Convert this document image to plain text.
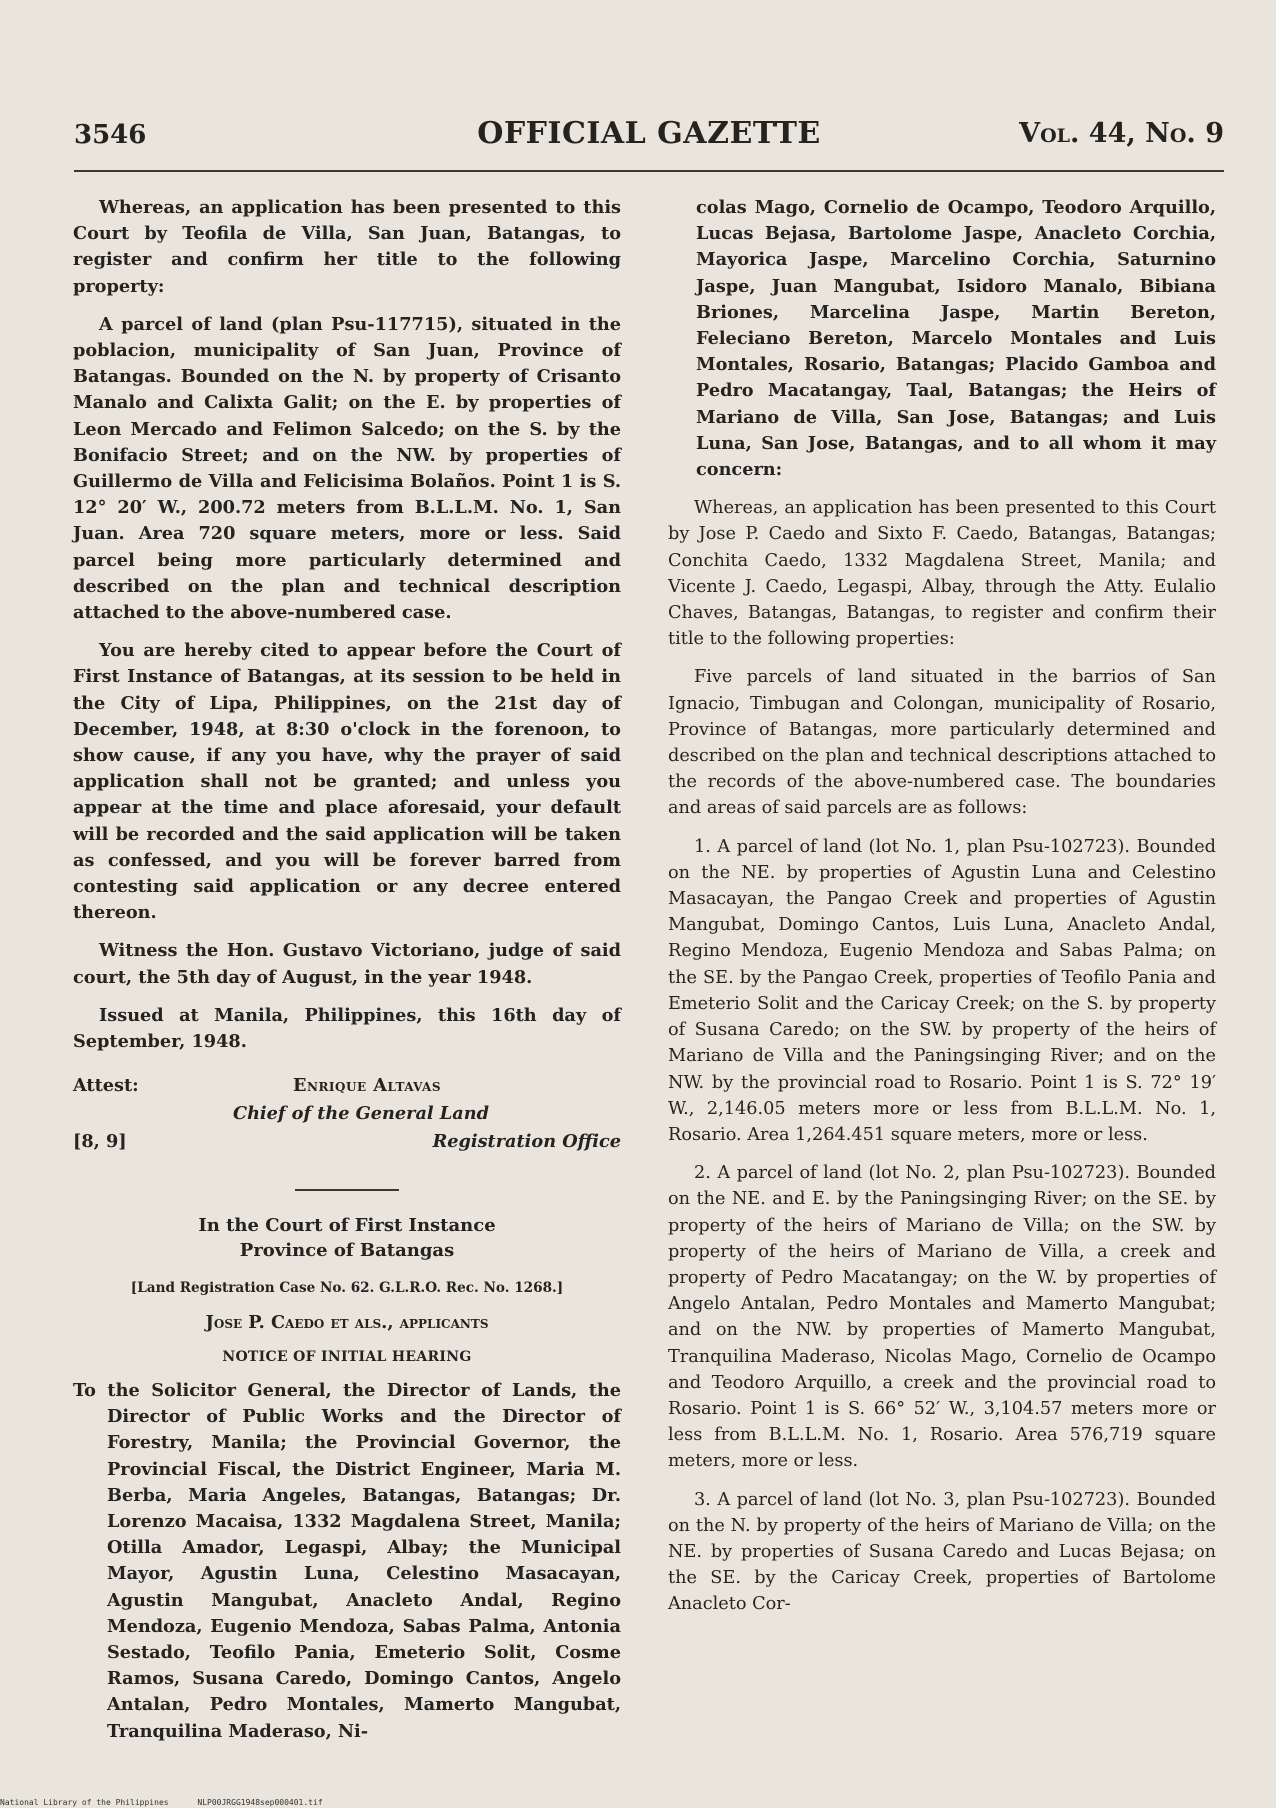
3546	OFFICIAL GAZETTE	Vol. 44, No. 9

Whereas, an application has been presented to this Court by Teofila de Villa, San Juan, Batangas, to register and confirm her title to the following property:

A parcel of land (plan Psu-117715), situated in the poblacion, municipality of San Juan, Province of Batangas. Bounded on the N. by property of Crisanto Manalo and Calixta Galit; on the E. by properties of Leon Mercado and Felimon Salcedo; on the S. by the Bonifacio Street; and on the NW. by properties of Guillermo de Villa and Felicisima Bolaños. Point 1 is S. 12° 20′ W., 200.72 meters from B.L.L.M. No. 1, San Juan. Area 720 square meters, more or less. Said parcel being more particularly determined and described on the plan and technical description attached to the above-numbered case.

You are hereby cited to appear before the Court of First Instance of Batangas, at its session to be held in the City of Lipa, Philippines, on the 21st day of December, 1948, at 8:30 o'clock in the forenoon, to show cause, if any you have, why the prayer of said application shall not be granted; and unless you appear at the time and place aforesaid, your default will be recorded and the said application will be taken as confessed, and you will be forever barred from contesting said application or any decree entered thereon.

Witness the Hon. Gustavo Victoriano, judge of said court, the 5th day of August, in the year 1948.

Issued at Manila, Philippines, this 16th day of September, 1948.

Attest:	Enrique Altavas
Chief of the General Land
[8, 9]	Registration Office
In the Court of First Instance
Province of Batangas
[Land Registration Case No. 62. G.L.R.O. Rec. No. 1268.]
Jose P. Caedo et als., applicants
NOTICE OF INITIAL HEARING

To the Solicitor General, the Director of Lands, the Director of Public Works and the Director of Forestry, Manila; the Provincial Governor, the Provincial Fiscal, the District Engineer, Maria M. Berba, Maria Angeles, Batangas, Batangas; Dr. Lorenzo Macaisa, 1332 Magdalena Street, Manila; Otilla Amador, Legaspi, Albay; the Municipal Mayor, Agustin Luna, Celestino Masacayan, Agustin Mangubat, Anacleto Andal, Regino Mendoza, Eugenio Mendoza, Sabas Palma, Antonia Sestado, Teofilo Pania, Emeterio Solit, Cosme Ramos, Susana Caredo, Domingo Cantos, Angelo Antalan, Pedro Montales, Mamerto Mangubat, Tranquilina Maderaso, Ni-

colas Mago, Cornelio de Ocampo, Teodoro Arquillo, Lucas Bejasa, Bartolome Jaspe, Anacleto Corchia, Mayorica Jaspe, Marcelino Corchia, Saturnino Jaspe, Juan Mangubat, Isidoro Manalo, Bibiana Briones, Marcelina Jaspe, Martin Bereton, Feleciano Bereton, Marcelo Montales and Luis Montales, Rosario, Batangas; Placido Gamboa and Pedro Macatangay, Taal, Batangas; the Heirs of Mariano de Villa, San Jose, Batangas; and Luis Luna, San Jose, Batangas, and to all whom it may concern:

Whereas, an application has been presented to this Court by Jose P. Caedo and Sixto F. Caedo, Batangas, Batangas; Conchita Caedo, 1332 Magdalena Street, Manila; and Vicente J. Caedo, Legaspi, Albay, through the Atty. Eulalio Chaves, Batangas, Batangas, to register and confirm their title to the following properties:

Five parcels of land situated in the barrios of San Ignacio, Timbugan and Colongan, municipality of Rosario, Province of Batangas, more particularly determined and described on the plan and technical descriptions attached to the records of the above-numbered case. The boundaries and areas of said parcels are as follows:

1. A parcel of land (lot No. 1, plan Psu-102723). Bounded on the NE. by properties of Agustin Luna and Celestino Masacayan, the Pangao Creek and properties of Agustin Mangubat, Domingo Cantos, Luis Luna, Anacleto Andal, Regino Mendoza, Eugenio Mendoza and Sabas Palma; on the SE. by the Pangao Creek, properties of Teofilo Pania and Emeterio Solit and the Caricay Creek; on the S. by property of Susana Caredo; on the SW. by property of the heirs of Mariano de Villa and the Paningsinging River; and on the NW. by the provincial road to Rosario. Point 1 is S. 72° 19′ W., 2,146.05 meters more or less from B.L.L.M. No. 1, Rosario. Area 1,264.451 square meters, more or less.

2. A parcel of land (lot No. 2, plan Psu-102723). Bounded on the NE. and E. by the Paningsinging River; on the SE. by property of the heirs of Mariano de Villa; on the SW. by property of the heirs of Mariano de Villa, a creek and property of Pedro Macatangay; on the W. by properties of Angelo Antalan, Pedro Montales and Mamerto Mangubat; and on the NW. by properties of Mamerto Mangubat, Tranquilina Maderaso, Nicolas Mago, Cornelio de Ocampo and Teodoro Arquillo, a creek and the provincial road to Rosario. Point 1 is S. 66° 52′ W., 3,104.57 meters more or less from B.L.L.M. No. 1, Rosario. Area 576,719 square meters, more or less.

3. A parcel of land (lot No. 3, plan Psu-102723). Bounded on the N. by property of the heirs of Mariano de Villa; on the NE. by properties of Susana Caredo and Lucas Bejasa; on the SE. by the Caricay Creek, properties of Bartolome Anacleto Cor-

National Library of the Philippines	NLP00JRGG1948sep000401.tif
